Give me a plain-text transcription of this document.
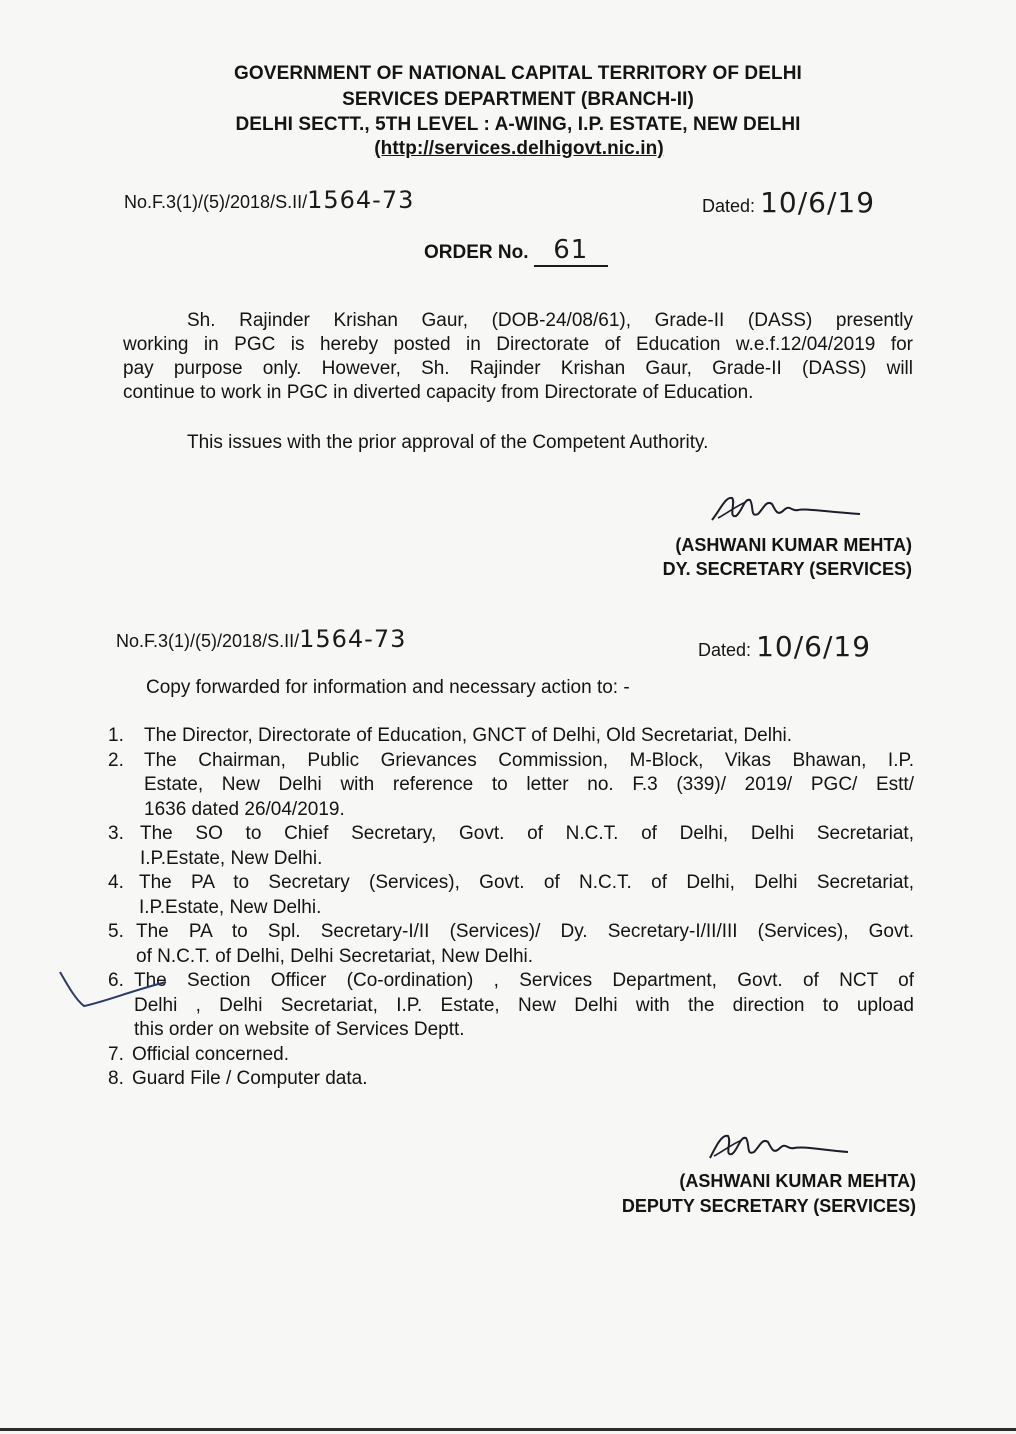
GOVERNMENT OF NATIONAL CAPITAL TERRITORY OF DELHI
SERVICES DEPARTMENT (BRANCH-II)
DELHI SECTT., 5TH LEVEL : A-WING, I.P. ESTATE, NEW DELHI
(http://services.delhigovt.nic.in)
No.F.3(1)/(5)/2018/S.II/1564-73	Dated: 10/6/19
ORDER No. 61
Sh. Rajinder Krishan Gaur, (DOB-24/08/61), Grade-II (DASS) presently
working in PGC is hereby posted in Directorate of Education w.e.f.12/04/2019 for
pay purpose only. However, Sh. Rajinder Krishan Gaur, Grade-II (DASS) will
continue to work in PGC in diverted capacity from Directorate of Education.
This issues with the prior approval of the Competent Authority.
(ASHWANI KUMAR MEHTA)
DY. SECRETARY (SERVICES)
No.F.3(1)/(5)/2018/S.II/1564-73	Dated: 10/6/19
Copy forwarded for information and necessary action to: -
1. The Director, Directorate of Education, GNCT of Delhi, Old Secretariat, Delhi.
2. The Chairman, Public Grievances Commission, M-Block, Vikas Bhawan, I.P.
Estate, New Delhi with reference to letter no. F.3 (339)/ 2019/ PGC/ Estt/
1636 dated 26/04/2019.
3. The SO to Chief Secretary, Govt. of N.C.T. of Delhi, Delhi Secretariat,
I.P.Estate, New Delhi.
4. The PA to Secretary (Services), Govt. of N.C.T. of Delhi, Delhi Secretariat,
I.P.Estate, New Delhi.
5. The PA to Spl. Secretary-I/II (Services)/ Dy. Secretary-I/II/III (Services), Govt.
of N.C.T. of Delhi, Delhi Secretariat, New Delhi.
6. The Section Officer (Co-ordination) , Services Department, Govt. of NCT of
Delhi , Delhi Secretariat, I.P. Estate, New Delhi with the direction to upload
this order on website of Services Deptt.
7. Official concerned.
8. Guard File / Computer data.
(ASHWANI KUMAR MEHTA)
DEPUTY SECRETARY (SERVICES)
